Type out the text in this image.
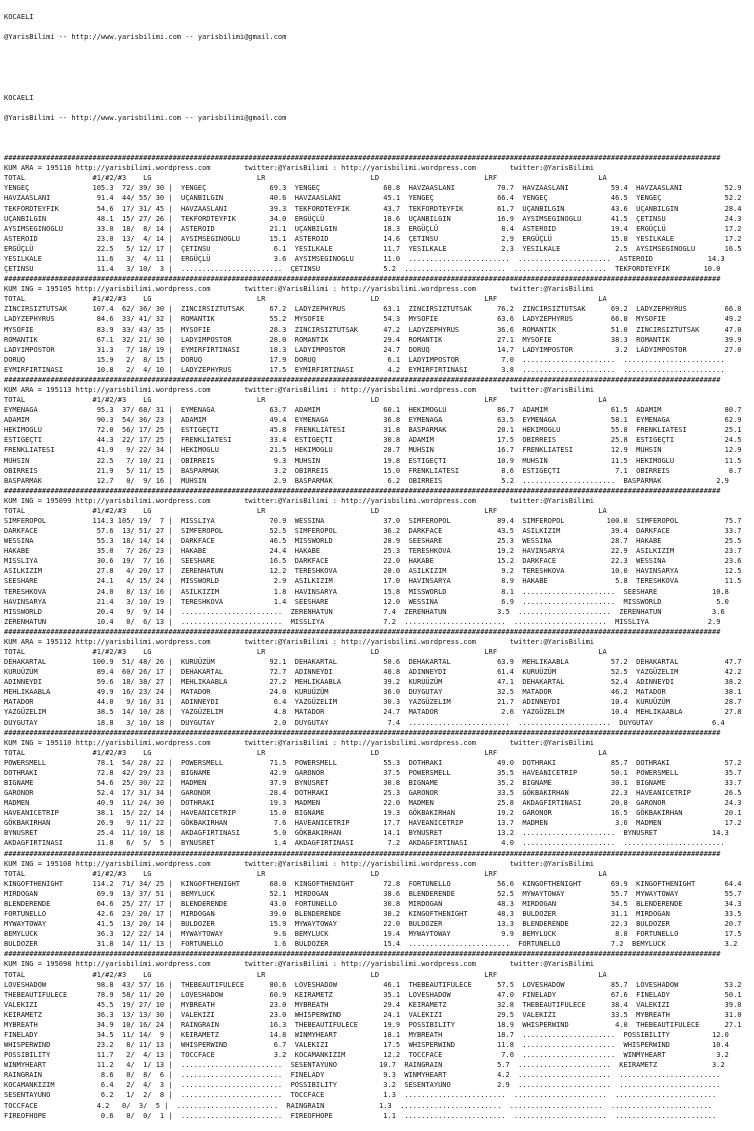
KOCAELI

@YarisBilimi -- http://www.yarisbilimi.com -- yarisbilimi@gmail.com

KOCAELI

@YarisBilimi -- http://www.yarisbilimi.com -- yarisbilimi@gmail.com

##########################################################################################################################################################################
KUM ARA = 195116 http://yarisbilimi.wordpress.com        twitter:@YarisBilimi : http://yarisbilimi.wordpress.com        twitter:@YarisBilimi
TOTAL                #1/#2/#3    LG                         LR                         LD                         LRF                        LA
YENGEÇ               105.3  72/ 39/ 30 |  YENGEÇ               69.3  YENGEÇ               60.8  HAVZAASLANI          70.7  HAVZAASLANI          59.4  HAVZAASLANI          52.9
HAVZAASLANI           91.4  44/ 55/ 30 |  UÇANBILGIN           40.6  HAVZAASLANI          45.1  YENGEÇ               66.4  YENGEÇ               46.5  YENGEÇ               52.2
TEKFORDTEYFIK         54.6  17/ 31/ 45 |  HAVZAASLANI          39.3  TEKFORDTEYFIK        43.7  TEKFORDTEYFIK        61.7  UÇANBILGIN           43.6  UÇANBILGIN           28.4
UÇANBILGIN            48.1  15/ 27/ 26 |  TEKFORDTEYFIK        34.0  ERGÜÇLÜ              18.6  UÇANBILGIN           16.9  AYSIMSEGINOGLU       41.5  ÇETINSU              24.3
AYSIMSEGINOGLU        33.0  18/  8/ 14 |  ASTEROID             21.1  UÇANBILGIN           18.3  ERGÜÇLÜ               8.4  ASTEROID             19.4  ERGÜÇLÜ              17.2
ASTEROID              23.0  13/  4/ 14 |  AYSIMSEGINOGLU       15.1  ASTEROID             14.6  ÇETINSU               2.9  ERGÜÇLÜ              15.8  YESILKALE            17.2
ERGÜÇLÜ               22.5   5/ 12/ 17 |  ÇETINSU               6.1  YESILKALE            11.7  YESILKALE             2.3  YESILKALE             2.5  AYSIMSEGINOGLU       16.5
YESILKALE             11.6   3/  4/ 11 |  ERGÜÇLÜ               3.6  AYSIMSEGINOGLU       11.0  ........................  ......................  ASTEROID             14.3
ÇETINSU               11.4   3/ 10/  3 |  ........................  ÇETINSU               5.2  ........................  ......................  TEKFORDTEYFIK        10.0
##########################################################################################################################################################################
KUM ING = 195105 http://yarisbilimi.wordpress.com        twitter:@YarisBilimi : http://yarisbilimi.wordpress.com        twitter:@YarisBilimi
TOTAL                #1/#2/#3    LG                         LR                         LD                         LRF                        LA
ZINCIRSIZTUTSAK      107.4  62/ 36/ 30 |  ZINCIRSIZTUTSAK      67.2  LADYZEPHYRUS         63.1  ZINCIRSIZTUTSAK      76.2  ZINCIRSIZTUTSAK      69.2  LADYZEPHYRUS         66.0
LADYZEPHYRUS          84.6  33/ 41/ 32 |  ROMANTIK             55.2  MYSOFIE              54.3  MYSOFIE              63.6  LADYZEPHYRUS         66.8  MYSOFIE              49.2
MYSOFIE               83.9  33/ 43/ 35 |  MYSOFIE              28.3  ZINCIRSIZTUTSAK      47.2  LADYZEPHYRUS         36.6  ROMANTIK             51.0  ZINCIRSIZTUTSAK      47.0
ROMANTIK              67.1  32/ 21/ 30 |  LADYIMPOSTOR         28.0  ROMANTIK             29.4  ROMANTIK             27.1  MYSOFIE              38.3  ROMANTIK             39.9
LADYIMPOSTOR          31.3   7/ 18/ 19 |  EYMIRFIRTINASI       18.3  LADYIMPOSTOR         24.7  DORUQ                14.7  LADYIMPOSTOR          3.2  LADYIMPOSTOR         27.0
DORUQ                 15.9   2/  8/ 15 |  DORUQ                17.9  DORUQ                 6.1  LADYIMPOSTOR          7.0  ......................  ........................
EYMIRFIRTINASI        10.8   2/  4/ 10 |  LADYZEPHYRUS         17.5  EYMIRFIRTINASI        4.2  EYMIRFIRTINASI        3.8  ......................  ........................
##########################################################################################################################################################################
KUM ARA = 195113 http://yarisbilimi.wordpress.com        twitter:@YarisBilimi : http://yarisbilimi.wordpress.com        twitter:@YarisBilimi
TOTAL                #1/#2/#3    LG                         LR                         LD                         LRF                        LA
EYMENAGA              95.3  37/ 68/ 31 |  EYMENAGA             63.7  ADAMIM               60.1  HEKIMOGLU            86.7  ADAMIM               61.5  ADAMIM               80.7
ADAMIM                90.3  54/ 36/ 23 |  ADAMIM               49.4  EYMENAGA             36.8  EYMENAGA             63.5  EYMENAGA             58.1  EYMENAGA             62.9
HEKIMOGLU             72.0  56/ 17/ 25 |  ESTIGEÇTI            45.8  FRENKLIATESI         31.8  BASPARMAK            20.1  HEKIMOGLU            55.8  FRENKLIATESI         25.1
ESTIGEÇTI             44.3  22/ 17/ 25 |  FRENKLIATESI         33.4  ESTIGEÇTI            30.8  ADAMIM               17.5  OBIRREIS             25.8  ESTIGEÇTI            24.5
FRENKLIATESI          41.9   9/ 22/ 34 |  HEKIMOGLU            21.5  HEKIMOGLU            28.7  MUHSIN               16.7  FRENKLIATESI         12.9  MUHSIN               12.9
MUHSIN                22.5   7/ 10/ 21 |  OBIRREIS              9.3  MUHSIN               19.8  ESTIGEÇTI            10.9  MUHSIN               11.5  HEKIMOGLU            11.5
OBIRREIS              21.9   5/ 11/ 15 |  BASPARMAK             3.2  OBIRREIS             15.0  FRENKLIATESI          8.6  ESTIGEÇTI             7.1  OBIRREIS              8.7
BASPARMAK             12.7   0/  9/ 16 |  MUHSIN                2.9  BASPARMAK             6.2  OBIRREIS              5.2  ......................  BASPARMAK             2.9
##########################################################################################################################################################################
KUM ING = 195099 http://yarisbilimi.wordpress.com        twitter:@YarisBilimi : http://yarisbilimi.wordpress.com        twitter:@YarisBilimi
TOTAL                #1/#2/#3    LG                         LR                         LD                         LRF                        LA
SIMFEROPOL           114.3 105/ 19/  7 |  MISSLIYA             70.9  WESSINA              37.0  SIMFEROPOL           89.4  SIMFEROPOL          100.0  SIMFEROPOL           75.7
DARKFACE              57.6  13/ 51/ 27 |  SIMFEROPOL           52.5  SIMFEROPOL           36.2  DARKFACE             43.5  ASILKIZIM            39.4  DARKFACE             33.7
WESSINA               55.3  18/ 14/ 14 |  DARKFACE             46.5  MISSWORLD            28.9  SEESHARE             25.3  WESSINA              28.7  HAKABE               25.5
HAKABE                35.0   7/ 26/ 23 |  HAKABE               24.4  HAKABE               25.3  TERESHKOVA           19.2  HAVINSARYA           22.9  ASILKIZIM            23.7
MISSLIYA              30.6  19/  7/ 16 |  SEESHARE             16.5  DARKFACE             22.0  HAKABE               15.2  DARKFACE             22.3  WESSINA              23.6
ASILKIZIM             27.8   4/ 20/ 17 |  ZERENHATUN           12.2  TERESHKOVA           20.0  ASILKIZIM             9.2  TERESHKOVA           10.0  HAVINSARYA           12.5
SEESHARE              24.1   4/ 15/ 24 |  MISSWORLD             2.9  ASILKIZIM            17.0  HAVINSARYA            8.9  HAKABE                5.8  TERESHKOVA           11.5
TERESHKOVA            24.0   8/ 13/ 16 |  ASILKIZIM             1.8  HAVINSARYA           15.8  MISSWORLD             8.1  ......................  SEESHARE             10.8
HAVINSARYA            21.4   3/ 10/ 19 |  TERESHKOVA            1.4  SEESHARE             12.0  WESSINA               6.9  ......................  MISSWORLD             5.0
MISSWORLD             20.4   9/  9/ 14 |  ........................  ZERENHATUN            7.4  ZERENHATUN            3.5  ......................  ZERENHATUN            3.6
ZERENHATUN            10.4   0/  6/ 13 |  ........................  MISSLIYA              7.2  ........................  ......................  MISSLIYA              2.9
##########################################################################################################################################################################
KUM ARA = 195112 http://yarisbilimi.wordpress.com        twitter:@YarisBilimi : http://yarisbilimi.wordpress.com        twitter:@YarisBilimi
TOTAL                #1/#2/#3    LG                         LR                         LD                         LRF                        LA
DEHAKARTAL           100.9  51/ 48/ 26 |  KURUÜZÜM             92.1  DEHAKARTAL           50.6  DEHAKARTAL           63.9  MEHLIKAABLA          57.2  DEHAKARTAL           47.7
KURUÜZÜM              89.4  60/ 26/ 17 |  DEHAKARTAL           72.7  ADINNEYDI            40.8  ADINNEYDI            61.4  KURUÜZÜM             52.5  YAZGÜZELIM           42.2
ADINNEYDI             59.6  18/ 38/ 27 |  MEHLIKAABLA          27.2  MEHLIKAABLA          39.2  KURUÜZÜM             47.1  DEHAKARTAL           52.4  ADINNEYDI            38.2
MEHLIKAABLA           49.9  16/ 23/ 24 |  MATADOR              24.0  KURUÜZÜM             36.0  DUYGUTAY             32.5  MATADOR              46.2  MATADOR              38.1
MATADOR               44.0   9/ 16/ 31 |  ADINNEYDI             6.4  YAZGÜZELIM           30.3  YAZGÜZELIM           21.7  ADINNEYDI            10.4  KURUÜZÜM             28.7
YAZGÜZELIM            38.5  14/ 10/ 28 |  YAZGÜZELIM            4.8  MATADOR              24.7  MATADOR               2.6  YAZGÜZELIM           10.4  MEHLIKAABLA          27.8
DUYGUTAY              18.8   3/ 10/ 18 |  DUYGUTAY              2.0  DUYGUTAY              7.4  ........................  ......................  DUYGUTAY              6.4
##########################################################################################################################################################################
KUM ING = 195110 http://yarisbilimi.wordpress.com        twitter:@YarisBilimi : http://yarisbilimi.wordpress.com        twitter:@YarisBilimi
TOTAL                #1/#2/#3    LG                         LR                         LD                         LRF                        LA
POWERSMELL            78.1  54/ 28/ 22 |  POWERSMELL           71.5  POWERSMELL           55.3  DOTHRAKI             49.0  DOTHRAKI             85.7  DOTHRAKI             57.2
DOTHRAKI              72.8  42/ 29/ 23 |  BIGNAME              42.9  GARONOR              37.5  POWERSMELL           35.5  HAVEANICETRIP        50.1  POWERSMELL           35.7
BIGNAME               54.6  25/ 30/ 22 |  MADMEN               37.9  BYNUSRET             30.8  BIGNAME              35.2  BIGNAME              30.1  BIGNAME              33.7
GARONOR               52.4  17/ 31/ 34 |  GARONOR              28.4  DOTHRAKI             25.3  GARONOR              33.5  GÖKBAKIRHAN          22.3  HAVEANICETRIP        26.5
MADMEN                40.9  11/ 24/ 30 |  DOTHRAKI             19.3  MADMEN               22.0  MADMEN               25.8  AKDAGFIRTINASI       20.8  GARONOR              24.3
HAVEANICETRIP         38.1  15/ 22/ 14 |  HAVEANICETRIP        15.0  BIGNAME              19.3  GÖKBAKIRHAN          19.2  GARONOR              16.5  GÖKBAKIRHAN          20.1
GÖKBAKIRHAN           26.9   9/ 11/ 22 |  GÖKBAKIRHAN           7.6  HAVEANICETRIP        17.7  HAVEANICETRIP        13.7  MADMEN                3.6  MADMEN               17.2
BYNUSRET              25.4  11/ 10/ 18 |  AKDAGFIRTINASI        5.0  GÖKBAKIRHAN          14.1  BYNUSRET             13.2  ......................  BYNUSRET             14.3
AKDAGFIRTINASI        11.8   6/  5/  5 |  BYNUSRET              1.4  AKDAGFIRTINASI        7.2  AKDAGFIRTINASI        4.0  ......................  ........................
##########################################################################################################################################################################
KUM ING = 195108 http://yarisbilimi.wordpress.com        twitter:@YarisBilimi : http://yarisbilimi.wordpress.com        twitter:@YarisBilimi
TOTAL                #1/#2/#3    LG                         LR                         LD                         LRF                        LA
KINGOFTHENIGHT       114.2  71/ 34/ 25 |  KINGOFTHENIGHT       68.0  KINGOFTHENIGHT       72.8  FORTUNELLO           56.6  KINGOFTHENIGHT       69.9  KINGOFTHENIGHT       64.4
MIRDOGAN              69.9  13/ 37/ 51 |  BEMYLUCK             52.1  MIRDOGAN             38.6  BLENDERENDE          52.5  MYWAYTOWAY           55.7  MYWAYTOWAY           55.7
BLENDERENDE           64.6  25/ 27/ 17 |  BLENDERENDE          43.0  FORTUNELLO           30.8  MIRDOGAN             48.3  MIRDOGAN             34.5  BLENDERENDE          34.3
FORTUNELLO            42.6  23/ 20/ 17 |  MIRDOGAN             39.0  BLENDERENDE          30.2  KINGOFTHENIGHT       48.3  BULDOZER             31.1  MIRDOGAN             33.5
MYWAYTOWAY            41.5  13/ 20/ 14 |  BULDOZER             15.9  MYWAYTOWAY           22.0  BULDOZER             13.3  BLENDERENDE          22.3  BULDOZER             20.7
BEMYLUCK              36.3  12/ 22/ 14 |  MYWAYTOWAY            9.6  BEMYLUCK             19.4  MYWAYTOWAY            9.9  BEMYLUCK              8.8  FORTUNELLO           17.5
BULDOZER              31.8  14/ 11/ 13 |  FORTUNELLO            1.6  BULDOZER             15.4  ........................  FORTUNELLO            7.2  BEMYLUCK              3.2
##########################################################################################################################################################################
KUM ING = 195098 http://yarisbilimi.wordpress.com        twitter:@YarisBilimi : http://yarisbilimi.wordpress.com        twitter:@YarisBilimi
TOTAL                #1/#2/#3    LG                         LR                         LD                         LRF                        LA
LOVESHADOW            98.8  43/ 57/ 16 |  THEBEAUTIFULECE      80.6  LOVESHADOW           46.1  THEBEAUTIFULECE      57.5  LOVESHADOW           85.7  LOVESHADOW           53.2
THEBEAUTIFULECE       78.9  58/ 11/ 20 |  LOVESHADOW           60.9  KEIRAMETZ            35.1  LOVESHADOW           47.0  FINELADY             67.6  FINELADY             50.1
VALEKIZI              45.5  19/ 27/ 10 |  MYBREATH             23.0  MYBREATH             29.4  KEIRAMETZ            32.8  THEBEAUTIFULECE      38.4  VALEKIZI             39.0
KEIRAMETZ             36.3  13/ 13/ 30 |  VALEKIZI             23.0  WHISPERWIND          24.1  VALEKIZI             29.5  VALEKIZI             33.5  MYBREATH             31.0
MYBREATH              34.9  10/ 16/ 24 |  RAINGRAIN            16.3  THEBEAUTIFULECE      19.9  POSSIBILITY          18.9  WHISPERWIND           4.0  THEBEAUTIFULECE      27.1
FINELADY              34.5  11/ 14/  9 |  KEIRAMETZ            14.8  WINMYHEART           18.1  MYBREATH             18.7  ......................  POSSIBILITY          12.0
WHISPERWIND           23.2   8/ 11/ 13 |  WHISPERWIND           6.7  VALEKIZI             17.5  WHISPERWIND          11.8  ......................  WHISPERWIND          10.4
POSSIBILITY           11.7   2/  4/ 13 |  TOCCFACE              3.2  KOCAMANKIZIM         12.2  TOCCFACE              7.0  ......................  WINMYHEART            3.2
WINMYHEART            11.2   4/  1/ 13 |  ........................  SESENTAYUNO          10.7  RAINGRAIN             5.7  ......................  KEIRAMETZ             3.2
RAINGRAIN              8.6   0/  8/  6 |  ........................  FINELADY              9.3  WINMYHEART            4.2  ......................  ........................
KOCAMANKIZIM           6.4   2/  4/  3 |  ........................  POSSIBILITY           3.2  SESENTAYUNO           2.9  ......................  ........................
SESENTAYUNO            6.2   1/  2/  8 |  ........................  TOCCFACE              1.3  ........................  ......................  ........................
TOCCFACE              4.2   0/  3/  5 |  ........................  RAINGRAIN             1.3  ........................  ......................  ........................
FIREOFHOPE             0.6   0/  0/  1 |  ........................  FIREOFHOPE            1.1  ........................  ......................  ........................
